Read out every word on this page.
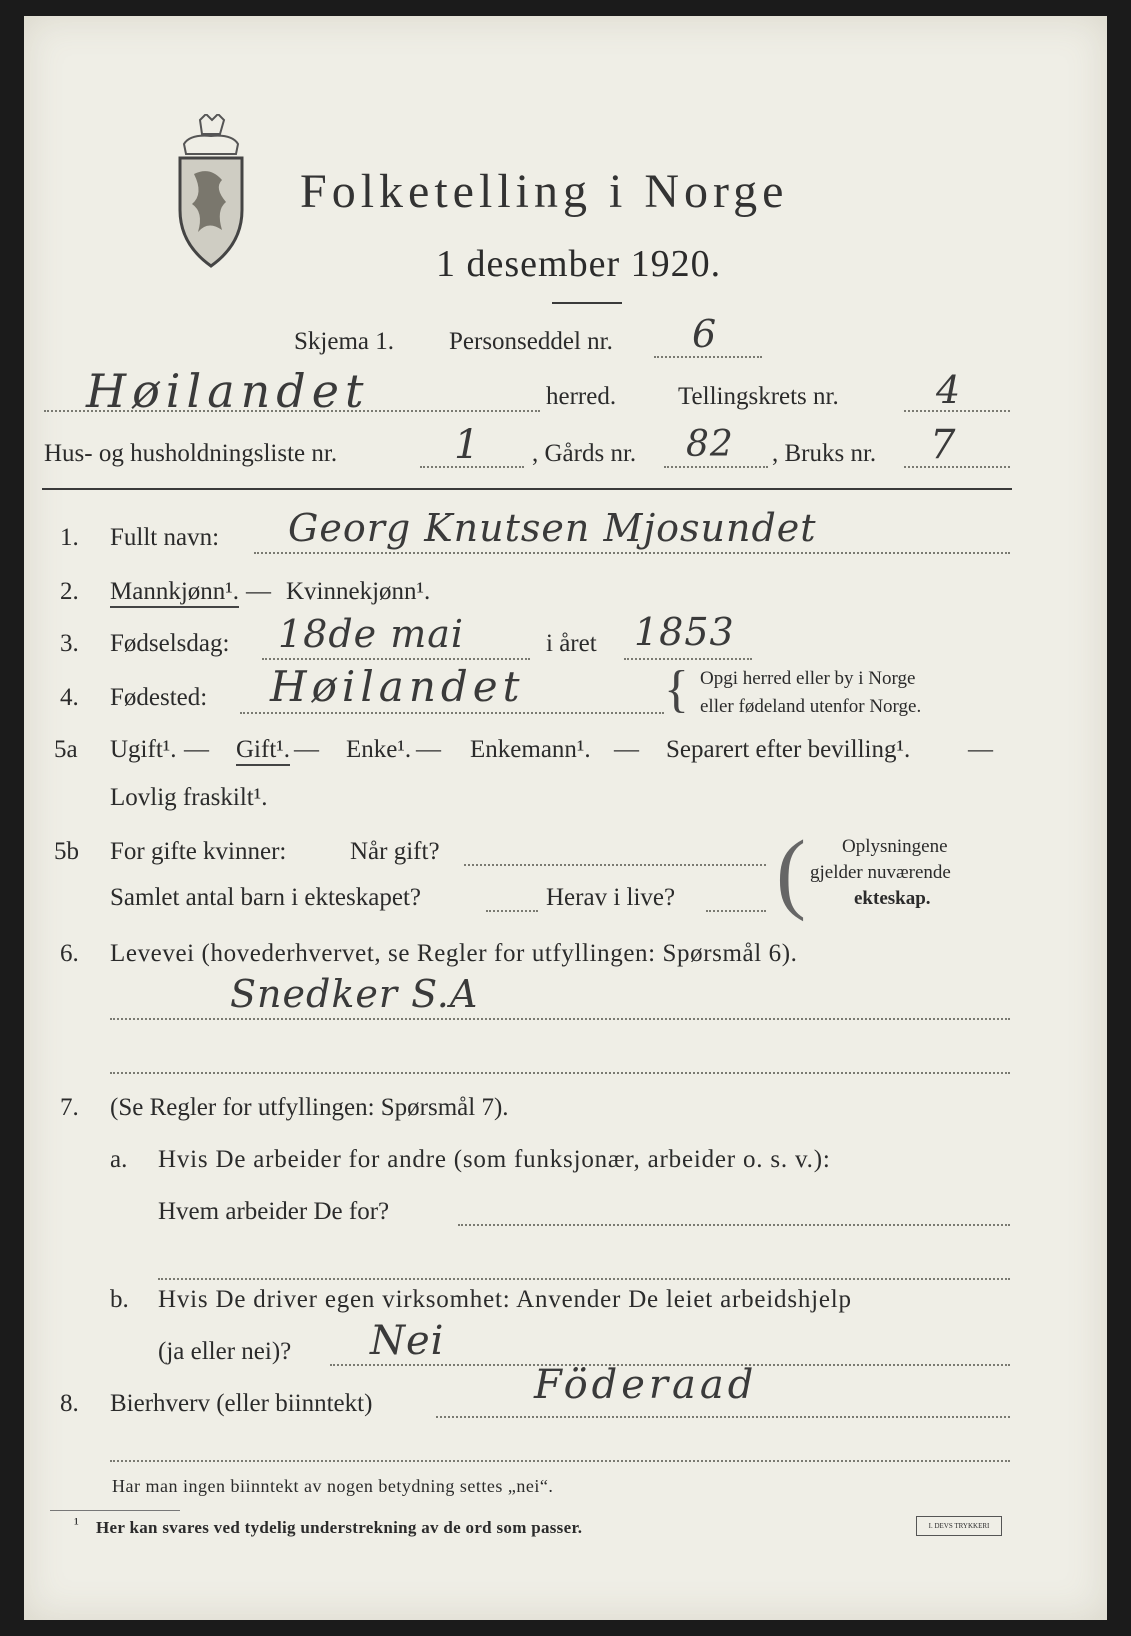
Folketelling i Norge
1 desember 1920.
Skjema 1. Personseddel nr. 6
Høilandet	herred. Tellingskrets nr.	4
Hus- og husholdningsliste nr.	1 , Gårds nr. 82 , Bruks nr. 7
1. Fullt navn: Georg Knutsen Mjosundet
2. Mannkjønn¹. — Kvinnekjønn¹.
3. Fødselsdag: 18de mai	i året 1853
4. Fødested: Høilandet	{ Opgi herred eller by i Norge
eller fødeland utenfor Norge.
5a Ugift¹. — Gift¹. — Enke¹. — Enkemann¹. — Separert efter bevilling¹. —
Lovlig fraskilt¹.
5b For gifte kvinner:	Når gift?
Samlet antal barn i ekteskapet?	Herav i live? ( Oplysningene
gjelder nuværende
ekteskap.
6. Levevei (hovederhvervet, se Regler for utfyllingen: Spørsmål 6).
Snedker S.A
7. (Se Regler for utfyllingen: Spørsmål 7).
a. Hvis De arbeider for andre (som funksjonær, arbeider o. s. v.):
Hvem arbeider De for?
b. Hvis De driver egen virksomhet: Anvender De leiet arbeidshjelp
(ja eller nei)? Nei
8. Bierhverv (eller biinntekt)	Föderaad
Har man ingen biinntekt av nogen betydning settes „nei“.
¹ Her kan svares ved tydelig understrekning av de ord som passer.	I. DEVS TRYKKERI
